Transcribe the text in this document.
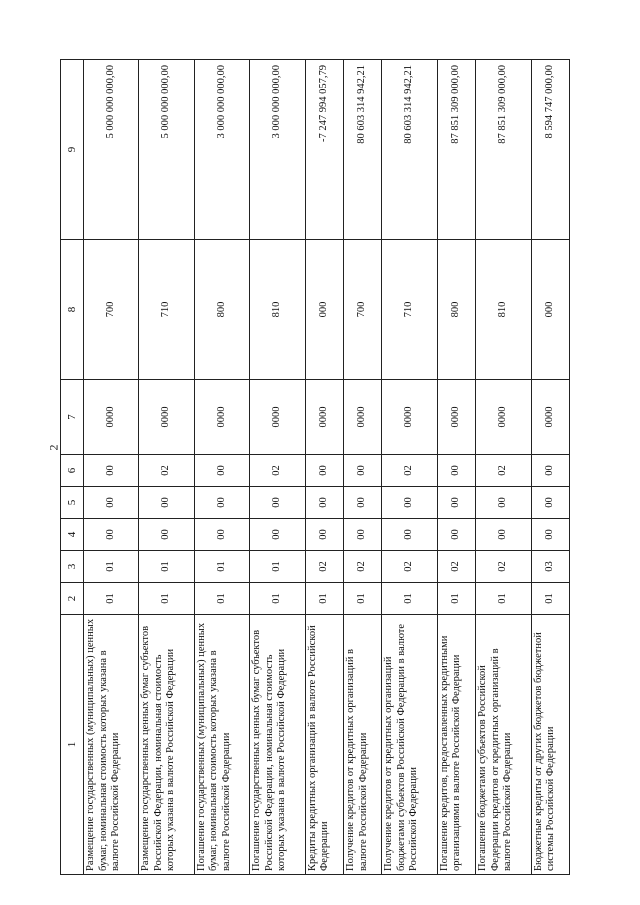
2
1	2	3	4	5	6	7	8	9
Размещение государственных (муниципальных) ценных бумаг, номинальная стоимость которых указана в валюте Российской Федерации	01	01	00	00	00	0000	700	5 000 000 000,00
Размещение государственных ценных бумаг субъектов Российской Федерации, номинальная стоимость которых указана в валюте Российской Федерации	01	01	00	00	02	0000	710	5 000 000 000,00
Погашение государственных (муниципальных) ценных бумаг, номинальная стоимость которых указана в валюте Российской Федерации	01	01	00	00	00	0000	800	3 000 000 000,00
Погашение государственных ценных бумаг субъектов Российской Федерации, номинальная стоимость которых указана в валюте Российской Федерации	01	01	00	00	02	0000	810	3 000 000 000,00
Кредиты кредитных организаций в валюте Российской Федерации	01	02	00	00	00	0000	000	-7 247 994 057,79
Получение кредитов от кредитных организаций в валюте Российской Федерации	01	02	00	00	00	0000	700	80 603 314 942,21
Получение кредитов от кредитных организаций бюджетами субъектов Российской Федерации в валюте Российской Федерации	01	02	00	00	02	0000	710	80 603 314 942,21
Погашение кредитов, предоставленных кредитными организациями в валюте Российской Федерации	01	02	00	00	00	0000	800	87 851 309 000,00
Погашение бюджетами субъектов Российской Федерации кредитов от кредитных организаций в валюте Российской Федерации	01	02	00	00	02	0000	810	87 851 309 000,00
Бюджетные кредиты от других бюджетов бюджетной системы Российской Федерации	01	03	00	00	00	0000	000	8 594 747 000,00
